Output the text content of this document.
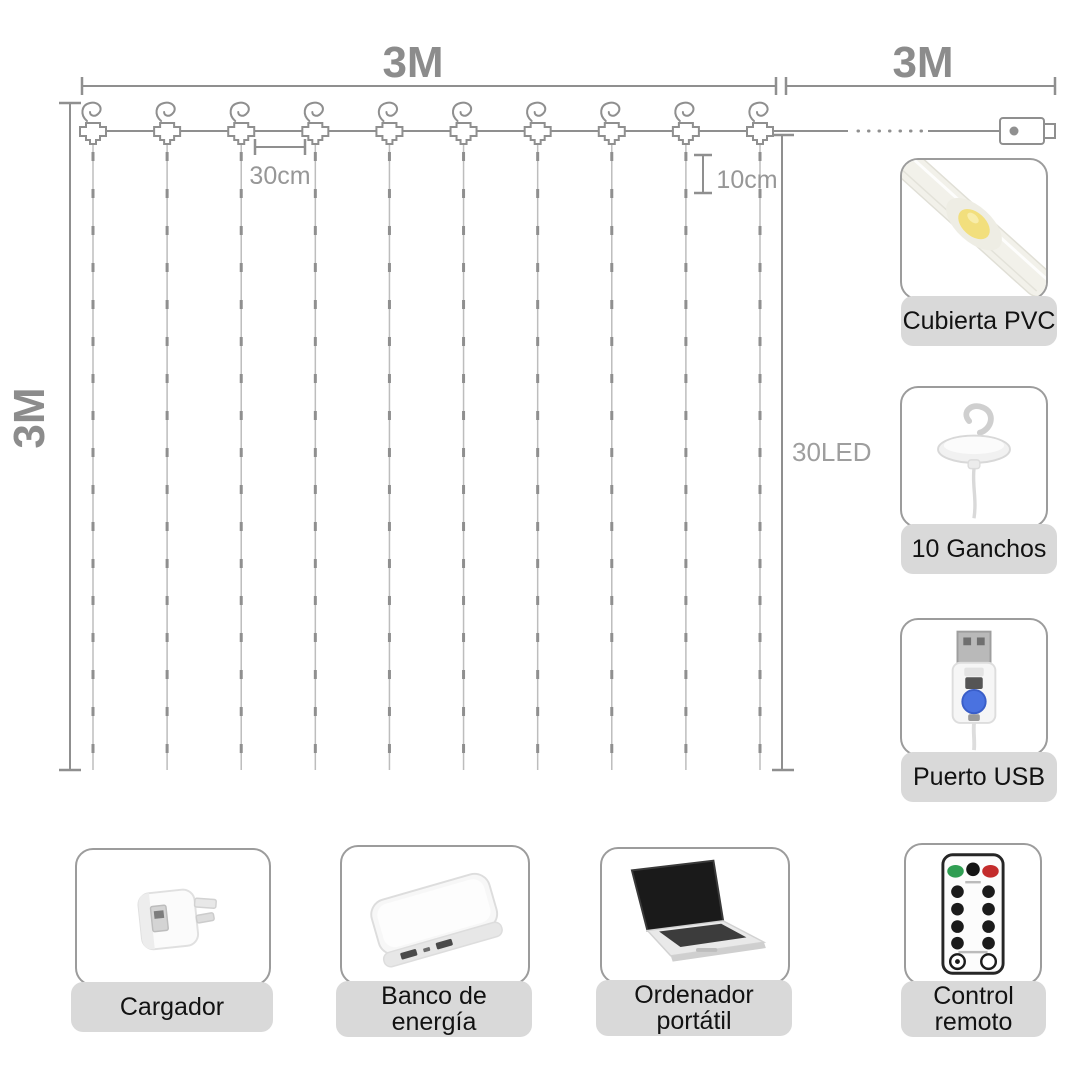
3M	3M
3M
30cm	10cm
30LED
Cubierta PVC
10 Ganchos
Puerto USB
Control remoto
Cargador	Banco de energía
Ordenador portátil
